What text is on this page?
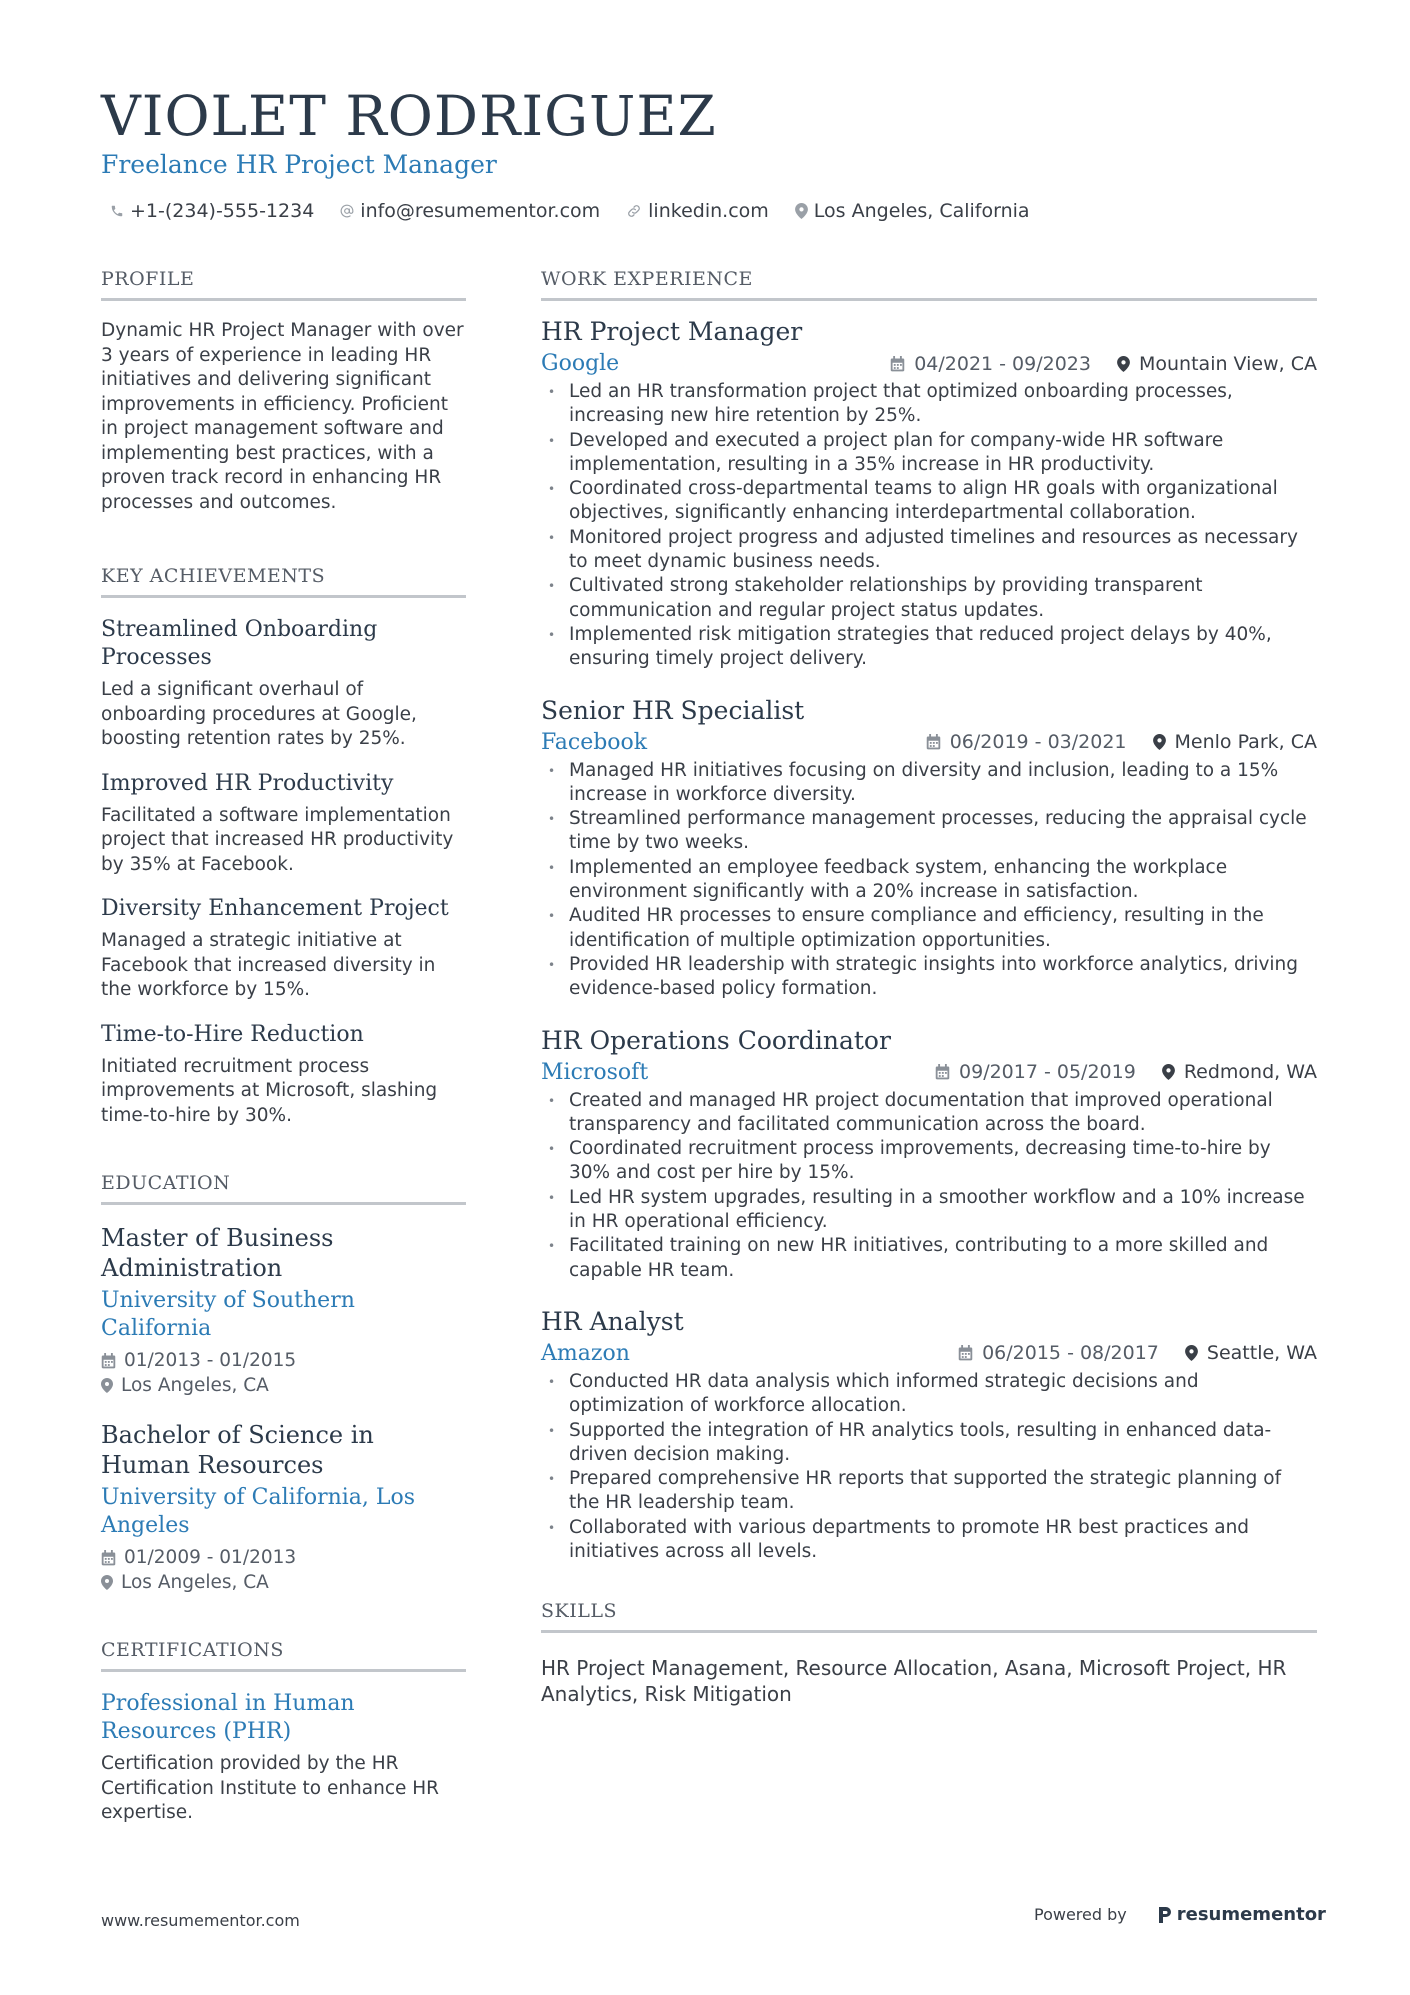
VIOLET RODRIGUEZ
Freelance HR Project Manager
+1-(234)-555-1234 info@resumementor.com	linkedin.com Los Angeles, California
PROFILE
Dynamic HR Project Manager with over 3 years of experience in leading HR initiatives and delivering significant improvements in efficiency. Proficient in project management software and implementing best practices, with a proven track record in enhancing HR processes and outcomes.
KEY ACHIEVEMENTS
Streamlined Onboarding Processes
Led a significant overhaul of onboarding procedures at Google, boosting retention rates by 25%.
Improved HR Productivity
Facilitated a software implementation project that increased HR productivity by 35% at Facebook.
Diversity Enhancement Project
Managed a strategic initiative at Facebook that increased diversity in the workforce by 15%.
Time-to-Hire Reduction
Initiated recruitment process improvements at Microsoft, slashing time-to-hire by 30%.
EDUCATION
Master of Business Administration
University of Southern California
01/2013 - 01/2015
Los Angeles, CA
Bachelor of Science in Human Resources
University of California, Los Angeles
01/2009 - 01/2013
Los Angeles, CA
CERTIFICATIONS
Professional in Human Resources (PHR)
Certification provided by the HR Certification Institute to enhance HR expertise.
WORK EXPERIENCE
HR Project Manager
Google	04/2021 - 09/2023	Mountain View, CA
• Led an HR transformation project that optimized onboarding processes, increasing new hire retention by 25%.
• Developed and executed a project plan for company-wide HR software implementation, resulting in a 35% increase in HR productivity.
• Coordinated cross-departmental teams to align HR goals with organizational objectives, significantly enhancing interdepartmental collaboration.
• Monitored project progress and adjusted timelines and resources as necessary to meet dynamic business needs.
• Cultivated strong stakeholder relationships by providing transparent communication and regular project status updates.
• Implemented risk mitigation strategies that reduced project delays by 40%, ensuring timely project delivery.
Senior HR Specialist
Facebook	06/2019 - 03/2021	Menlo Park, CA
• Managed HR initiatives focusing on diversity and inclusion, leading to a 15% increase in workforce diversity.
• Streamlined performance management processes, reducing the appraisal cycle time by two weeks.
• Implemented an employee feedback system, enhancing the workplace environment significantly with a 20% increase in satisfaction.
• Audited HR processes to ensure compliance and efficiency, resulting in the identification of multiple optimization opportunities.
• Provided HR leadership with strategic insights into workforce analytics, driving evidence-based policy formation.
HR Operations Coordinator
Microsoft	09/2017 - 05/2019	Redmond, WA
• Created and managed HR project documentation that improved operational transparency and facilitated communication across the board.
• Coordinated recruitment process improvements, decreasing time-to-hire by 30% and cost per hire by 15%.
• Led HR system upgrades, resulting in a smoother workflow and a 10% increase in HR operational efficiency.
• Facilitated training on new HR initiatives, contributing to a more skilled and capable HR team.
HR Analyst
Amazon	06/2015 - 08/2017	Seattle, WA
• Conducted HR data analysis which informed strategic decisions and optimization of workforce allocation.
• Supported the integration of HR analytics tools, resulting in enhanced data-driven decision making.
• Prepared comprehensive HR reports that supported the strategic planning of the HR leadership team.
• Collaborated with various departments to promote HR best practices and initiatives across all levels.
SKILLS
HR Project Management, Resource Allocation, Asana, Microsoft Project, HR Analytics, Risk Mitigation
www.resumementor.com	Powered by	resumementor
